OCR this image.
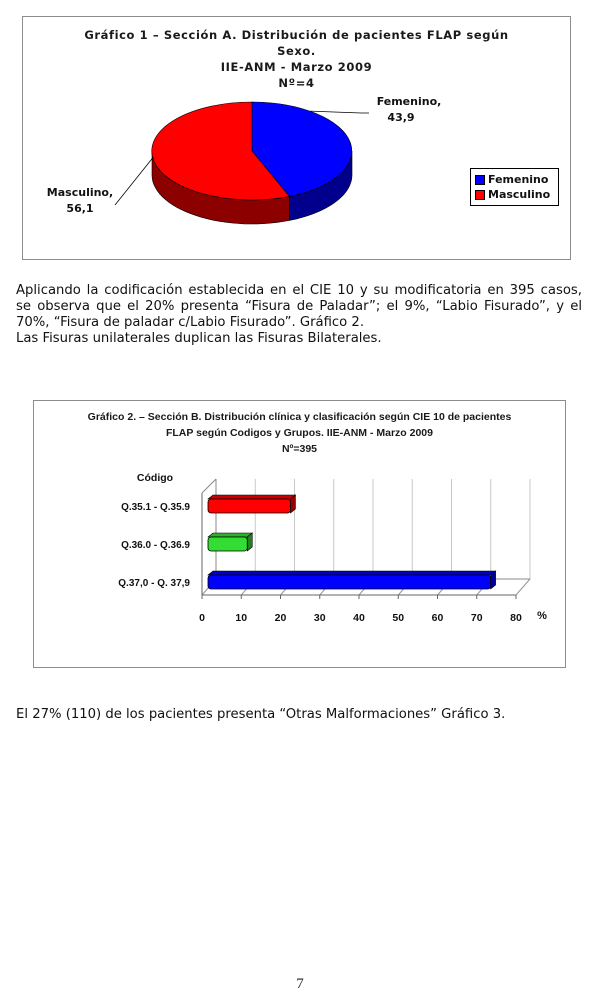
Gráfico 1 – Sección A. Distribución de pacientes FLAP según
Sexo.
IIE-ANM - Marzo 2009
Nº=4
Femenino,
43,9
Masculino,
56,1
Femenino
Masculino

Aplicando la codificación establecida en el CIE 10 y su modificatoria en 395 casos,

se observa que el 20% presenta “Fisura de Paladar”; el 9%, “Labio Fisurado”, y el

70%, “Fisura de paladar c/Labio Fisurado”. Gráfico 2.

Las Fisuras unilaterales duplican las Fisuras Bilaterales.

Gráfico 2. – Sección B. Distribución clínica y clasificación según CIE 10 de pacientes
FLAP según Codigos y Grupos. IIE-ANM - Marzo 2009
Nº=395
0	10	20	30	40	50	60	70	80
Q.35.1 - Q.35.9
Q.36.0 - Q.36.9
Q.37,0 - Q. 37,9
Código
%
El 27% (110) de los pacientes presenta “Otras Malformaciones” Gráfico 3.
7
